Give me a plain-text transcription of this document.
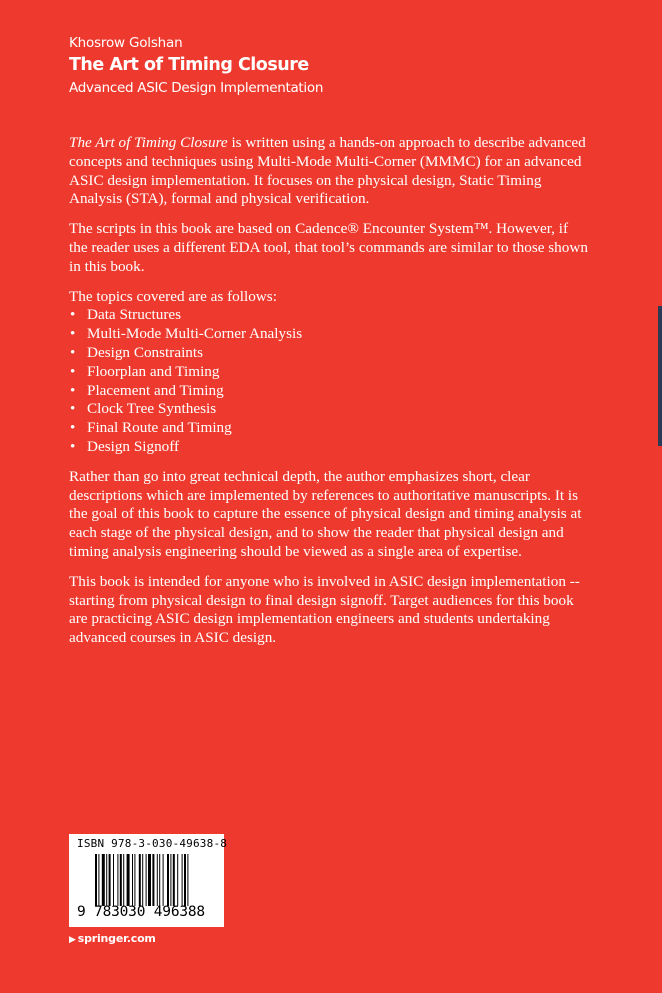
Khosrow Golshan
The Art of Timing Closure
Advanced ASIC Design Implementation

The Art of Timing Closure is written using a hands-on approach to describe advanced concepts and techniques using Multi-Mode Multi-Corner (MMMC) for an advanced ASIC design implementation. It focuses on the physical design, Static Timing Analysis (STA), formal and physical verification.

The scripts in this book are based on Cadence® Encounter System™. However, if the reader uses a different EDA tool, that tool’s commands are similar to those shown in this book.

The topics covered are as follows:

• Data Structures
• Multi-Mode Multi-Corner Analysis
• Design Constraints
• Floorplan and Timing
• Placement and Timing
• Clock Tree Synthesis
• Final Route and Timing
• Design Signoff

Rather than go into great technical depth, the author emphasizes short, clear descriptions which are implemented by references to authoritative manuscripts. It is the goal of this book to capture the essence of physical design and timing analysis at each stage of the physical design, and to show the reader that physical design and timing analysis engineering should be viewed as a single area of expertise.

This book is intended for anyone who is involved in ASIC design implementation -- starting from physical design to final design signoff. Target audiences for this book are practicing ASIC design implementation engineers and students undertaking advanced courses in ASIC design.

ISBN 978-3-030-49638-8
9 783030 496388
▶ springer.com
